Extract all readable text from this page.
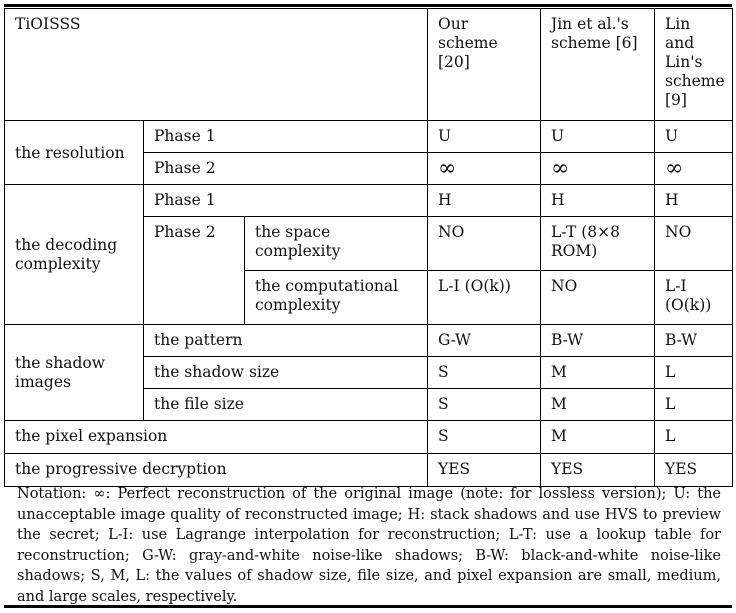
TiOISSS			Our scheme [20]	Jin et al.'s scheme [6]	Lin and Lin's scheme [9]
the resolution	Phase 1		U	U	U
	Phase 2		∞	∞	∞
the decoding complexity	Phase 1		H	H	H
	Phase 2	the space complexity	NO	L-T (8×8 ROM)	NO
		the computational complexity	L-I (O(k))	NO	L-I (O(k))
the shadow images	the pattern		G-W	B-W	B-W
	the shadow size		S	M	L
	the file size		S	M	L
the pixel expansion			S	M	L
the progressive decryption			YES	YES	YES
Notation: ∞: Perfect reconstruction of the original image (note: for lossless version); U: the unacceptable image quality of reconstructed image; H: stack shadows and use HVS to preview the secret; L-I: use Lagrange interpolation for reconstruction; L-T: use a lookup table for reconstruction; G-W: gray-and-white noise-like shadows; B-W: black-and-white noise-like shadows; S, M, L: the values of shadow size, file size, and pixel expansion are small, medium, and large scales, respectively.
